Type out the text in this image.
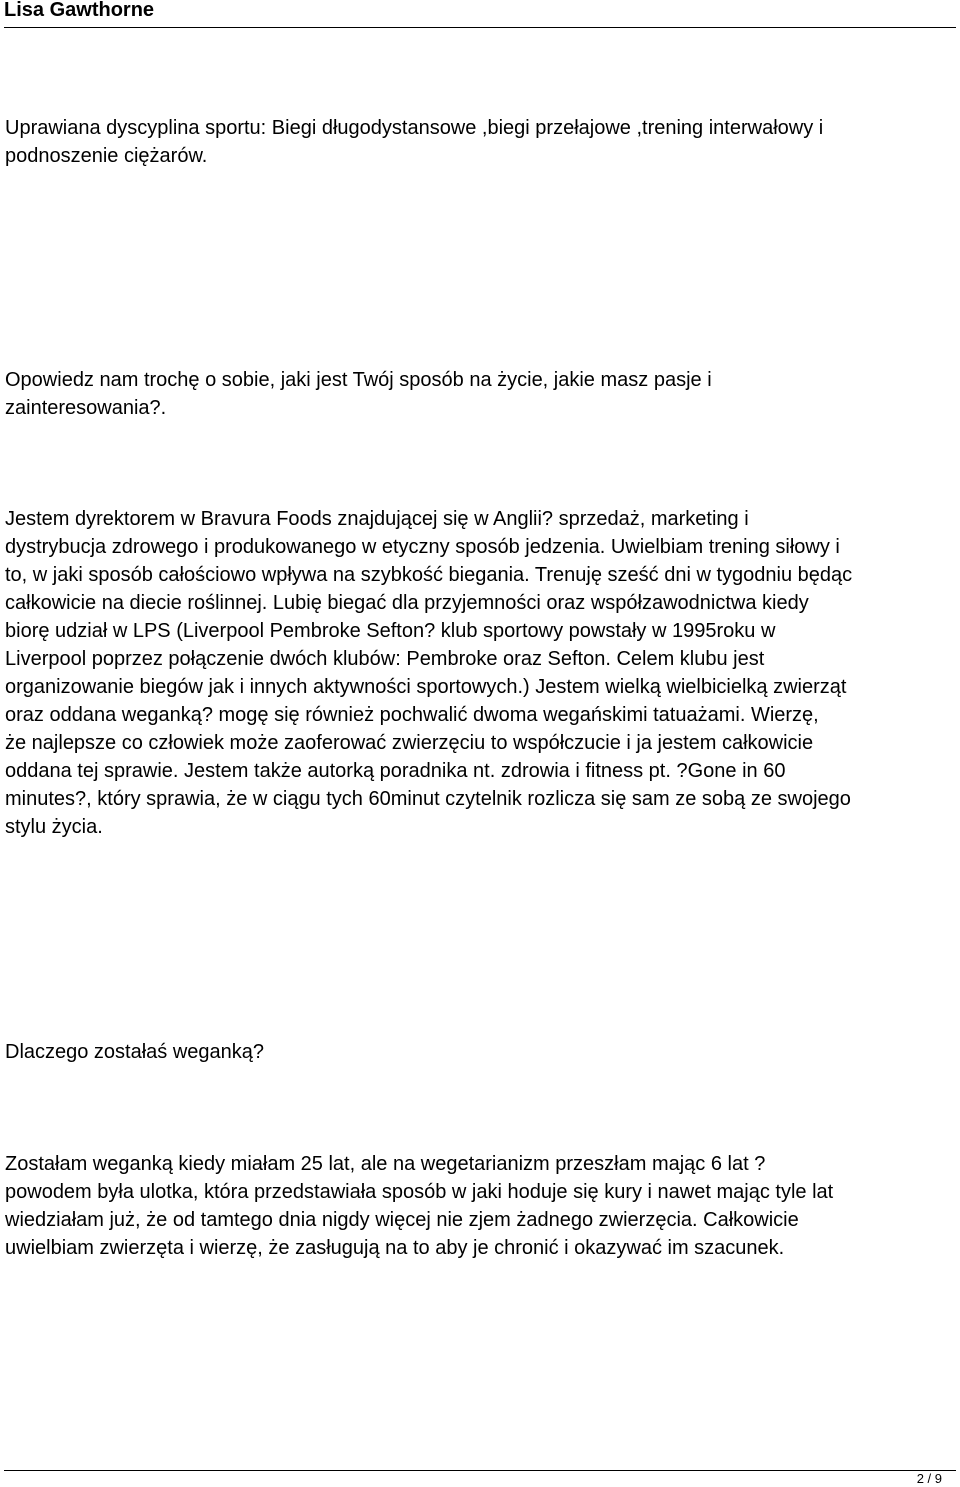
Lisa Gawthorne

Uprawiana dyscyplina sportu: Biegi długodystansowe ,biegi przełajowe ,trening interwałowy i
podnoszenie ciężarów.

Opowiedz nam trochę o sobie, jaki jest Twój sposób na życie, jakie masz pasje i
zainteresowania?.

Jestem dyrektorem w Bravura Foods znajdującej się w Anglii? sprzedaż, marketing i
dystrybucja zdrowego i produkowanego w etyczny sposób jedzenia. Uwielbiam trening siłowy i
to, w jaki sposób całościowo wpływa na szybkość biegania. Trenuję sześć dni w tygodniu będąc
całkowicie na diecie roślinnej. Lubię biegać dla przyjemności oraz współzawodnictwa kiedy
biorę udział w LPS (Liverpool Pembroke Sefton? klub sportowy powstały w 1995roku w
Liverpool poprzez połączenie dwóch klubów: Pembroke oraz Sefton. Celem klubu jest
organizowanie biegów jak i innych aktywności sportowych.) Jestem wielką wielbicielką zwierząt
oraz oddana weganką? mogę się również pochwalić dwoma wegańskimi tatuażami. Wierzę,
że najlepsze co człowiek może zaoferować zwierzęciu to współczucie i ja jestem całkowicie
oddana tej sprawie. Jestem także autorką poradnika nt. zdrowia i fitness pt. ?Gone in 60
minutes?, który sprawia, że w ciągu tych 60minut czytelnik rozlicza się sam ze sobą ze swojego
stylu życia.

Dlaczego zostałaś weganką?

Zostałam weganką kiedy miałam 25 lat, ale na wegetarianizm przeszłam mając 6 lat ?
powodem była ulotka, która przedstawiała sposób w jaki hoduje się kury i nawet mając tyle lat
wiedziałam już, że od tamtego dnia nigdy więcej nie zjem żadnego zwierzęcia. Całkowicie
uwielbiam zwierzęta i wierzę, że zasługują na to aby je chronić i okazywać im szacunek.

2 / 9
